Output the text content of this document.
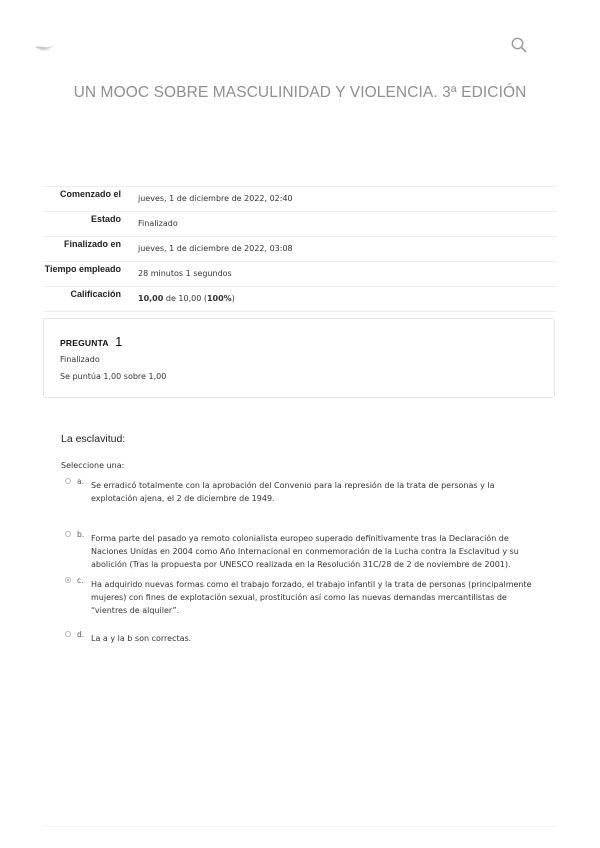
UN MOOC SOBRE MASCULINIDAD Y VIOLENCIA. 3ª EDICIÓN
Comenzado el	jueves, 1 de diciembre de 2022, 02:40
Estado	Finalizado
Finalizado en	jueves, 1 de diciembre de 2022, 03:08
Tiempo empleado	28 minutos 1 segundos
Calificación	10,00 de 10,00 (100%)
PREGUNTA 1
Finalizado
Se puntúa 1,00 sobre 1,00
La esclavitud:
Seleccione una:
a. Se erradicó totalmente con la aprobación del Convenio para la represión de la trata de personas y la explotación ajena, el 2 de diciembre de 1949.
b. Forma parte del pasado ya remoto colonialista europeo superado definitivamente tras la Declaración de Naciones Unidas en 2004 como Año Internacional en conmemoración de la Lucha contra la Esclavitud y su abolición (Tras la propuesta por UNESCO realizada en la Resolución 31C/28 de 2 de noviembre de 2001).
c. Ha adquirido nuevas formas como el trabajo forzado, el trabajo infantil y la trata de personas (principalmente mujeres) con fines de explotación sexual, prostitución así como las nuevas demandas mercantilistas de “vientres de alquiler”.
d. La a y la b son correctas.
